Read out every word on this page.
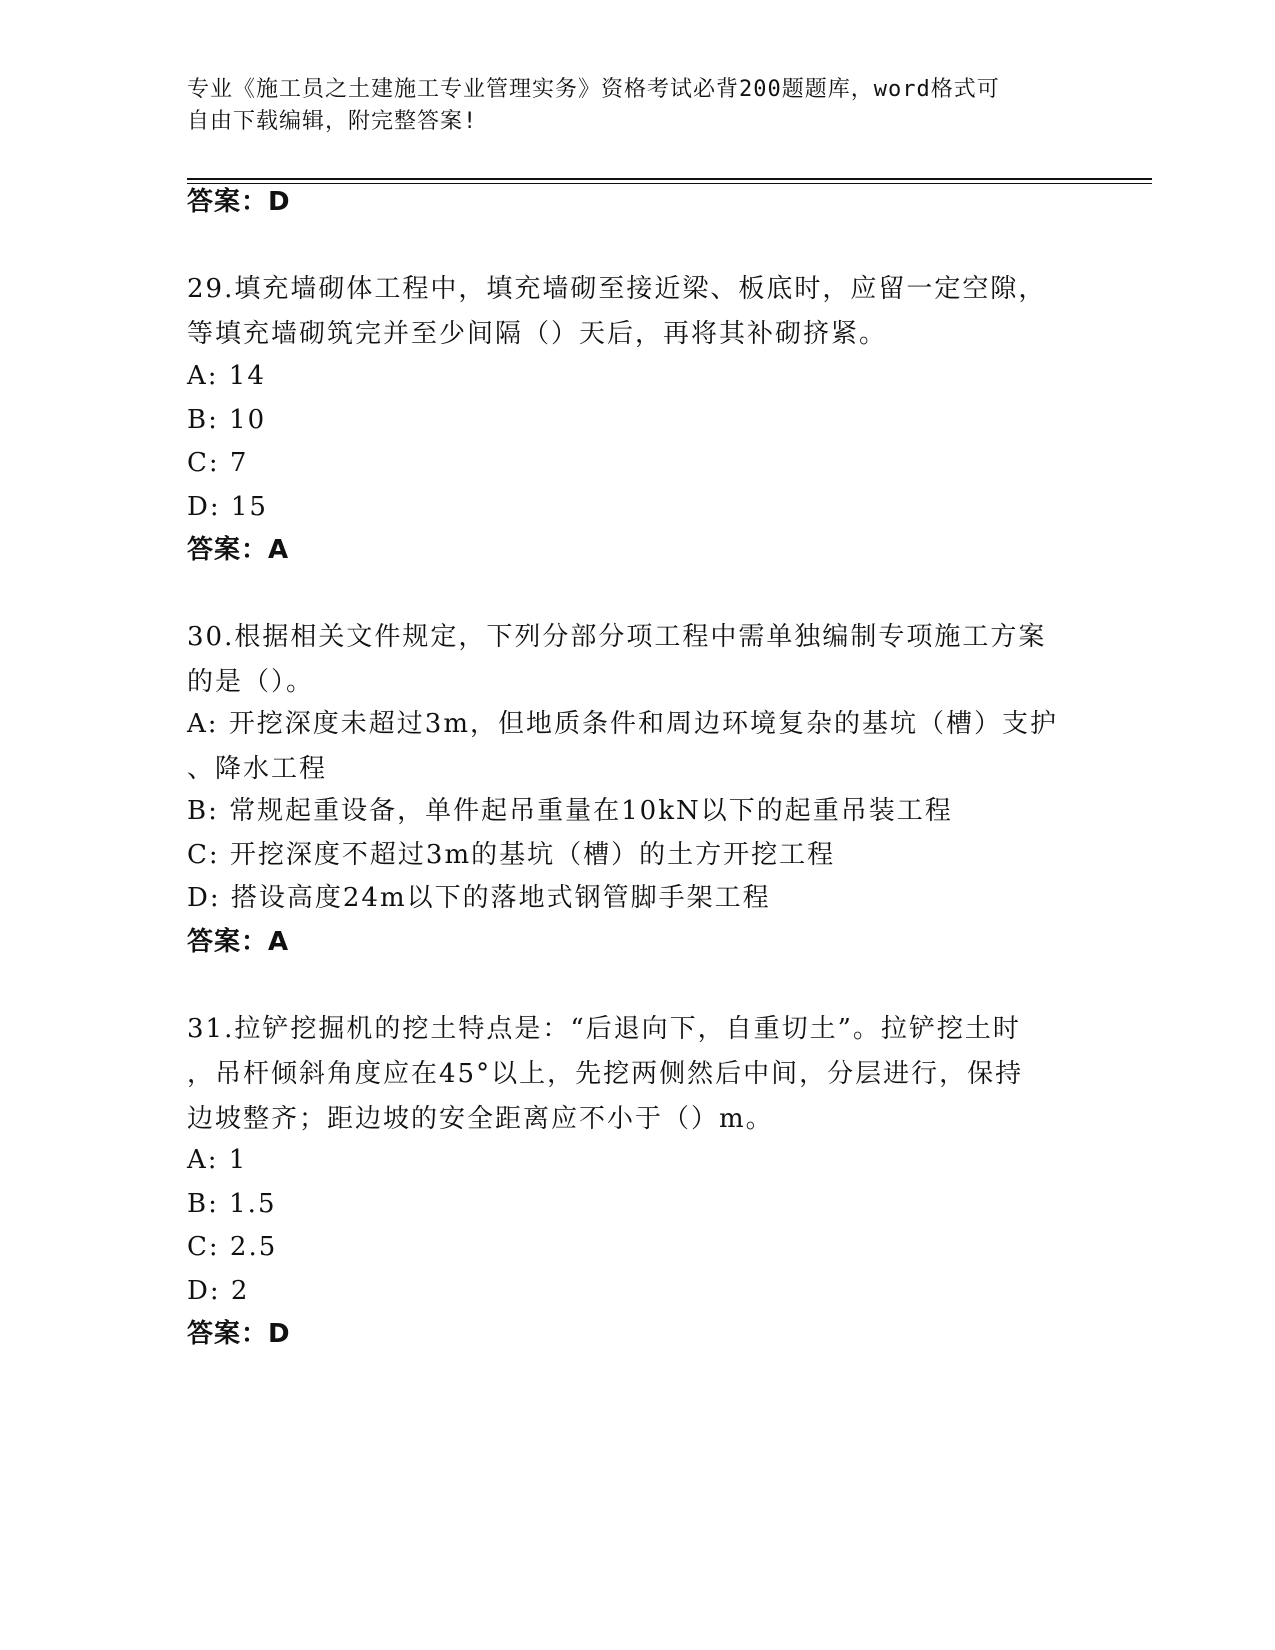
专业《施工员之土建施工专业管理实务》资格考试必背200题题库，word格式可
自由下载编辑，附完整答案!
答案：D
29.填充墙砌体工程中，填充墙砌至接近梁、板底时，应留一定空隙，
等填充墙砌筑完并至少间隔（）天后，再将其补砌挤紧。
A: 14
B: 10
C: 7
D: 15
答案：A
30.根据相关文件规定，下列分部分项工程中需单独编制专项施工方案
的是（）。
A: 开挖深度未超过3m，但地质条件和周边环境复杂的基坑（槽）支护
、降水工程
B: 常规起重设备，单件起吊重量在10kN以下的起重吊装工程
C: 开挖深度不超过3m的基坑（槽）的土方开挖工程
D: 搭设高度24m以下的落地式钢管脚手架工程
答案：A
31.拉铲挖掘机的挖土特点是：“后退向下，自重切土”。拉铲挖土时
，吊杆倾斜角度应在45°以上，先挖两侧然后中间，分层进行，保持
边坡整齐；距边坡的安全距离应不小于（）m。
A: 1
B: 1.5
C: 2.5
D: 2
答案：D
